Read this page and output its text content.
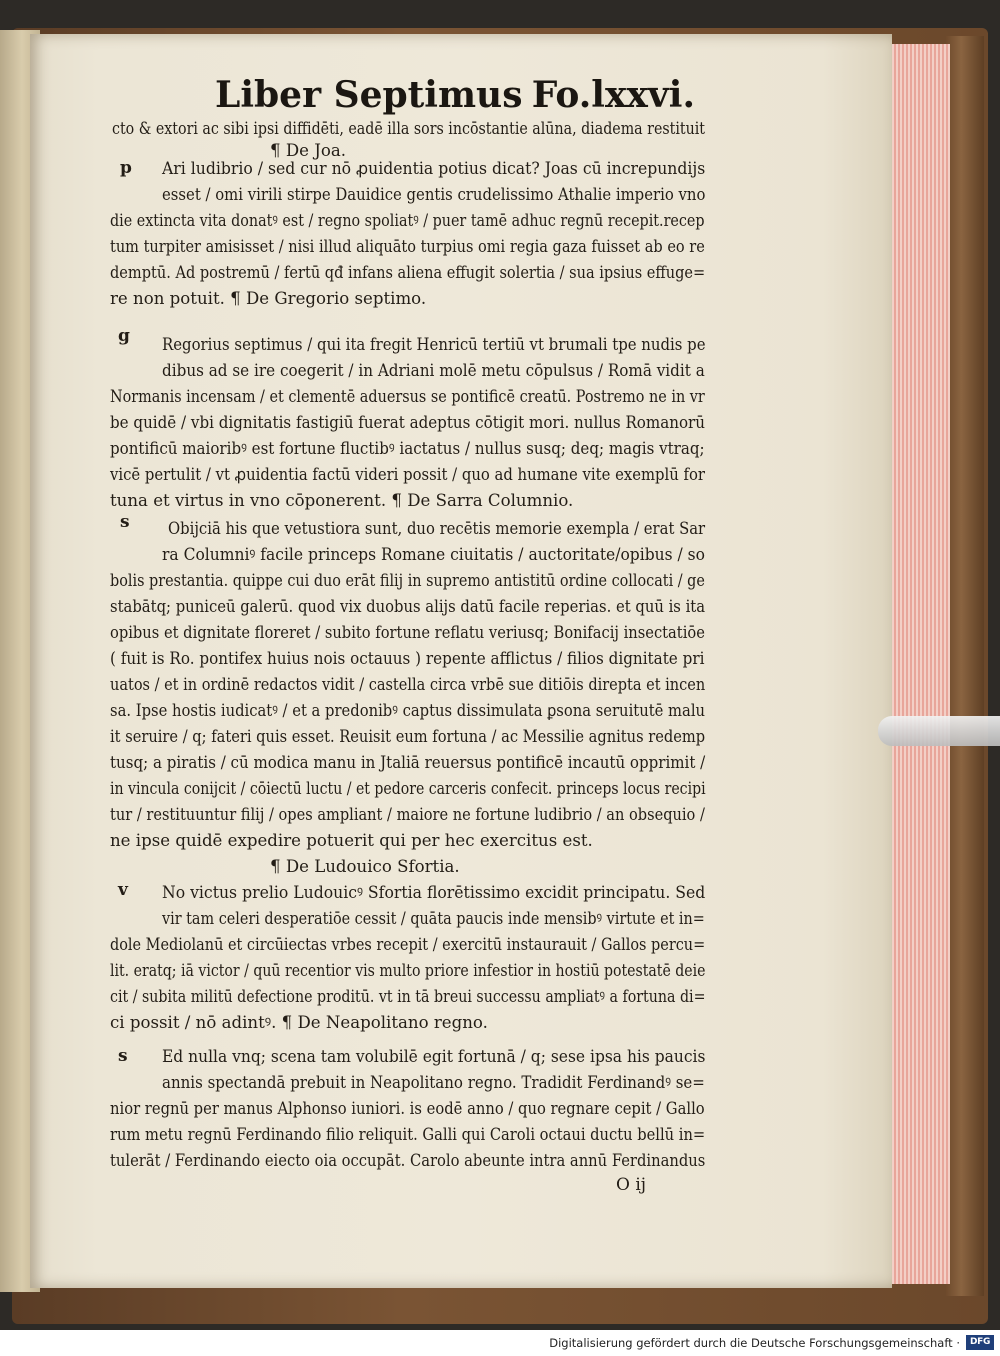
Liber Septimus Fo.lxxvi.

cto & extori ac sibi ipsi diffidēti, eadē illa sors incōstantie alūna, diadema restituit

¶ De Joa.

p Ari ludibrio / sed cur nō ꝓuidentia potius dicat? Joas cū increpundijs

esset / omi virili stirpe Dauidice gentis crudelissimo Athalie imperio vno

die extincta vita donatꝰ est / regno spoliatꝰ / puer tamē adhuc regnū recepit.recep

tum turpiter amisisset / nisi illud aliquāto turpius omi regia gaza fuisset ab eo re

demptū. Ad postremū / fertū qđ infans aliena effugit solertia / sua ipsius effuge=

re non potuit. ¶ De Gregorio septimo.

g Regorius septimus / qui ita fregit Henricū tertiū vt brumali tpe nudis pe

dibus ad se ire coegerit / in Adriani molē metu cōpulsus / Romā vidit a

Normanis incensam / et clementē aduersus se pontificē creatū. Postremo ne in vr

be quidē / vbi dignitatis fastigiū fuerat adeptus cōtigit mori. nullus Romanorū

pontificū maioribꝰ est fortune fluctibꝰ iactatus / nullus susq; deq; magis vtraq;

vicē pertulit / vt ꝓuidentia factū videri possit / quo ad humane vite exemplū for

tuna et virtus in vno cōponerent. ¶ De Sarra Columnio.

s Obijciā his que vetustiora sunt, duo recētis memorie exempla / erat Sar

ra Columniꝰ facile princeps Romane ciuitatis / auctoritate/opibus / so

bolis prestantia. quippe cui duo erāt filij in supremo antistitū ordine collocati / ge

stabātq; puniceū galerū. quod vix duobus alijs datū facile reperias. et quū is ita

opibus et dignitate floreret / subito fortune reflatu veriusq; Bonifacij insectatiōe

( fuit is Ro. pontifex huius nois octauus ) repente afflictus / filios dignitate pri

uatos / et in ordinē redactos vidit / castella circa vrbē sue ditiōis direpta et incen

sa. Ipse hostis iudicatꝰ / et a predonibꝰ captus dissimulata ꝑsona seruitutē malu

it seruire / q; fateri quis esset. Reuisit eum fortuna / ac Messilie agnitus redemp

tusq; a piratis / cū modica manu in Jtaliā reuersus pontificē incautū opprimit /

in vincula conijcit / cōiectū luctu / et pedore carceris confecit. princeps locus recipi

tur / restituuntur filij / opes ampliant / maiore ne fortune ludibrio / an obsequio /

ne ipse quidē expedire potuerit qui per hec exercitus est.

¶ De Ludouico Sfortia.

v No victus prelio Ludouicꝰ Sfortia florētissimo excidit principatu. Sed

vir tam celeri desperatiōe cessit / quāta paucis inde mensibꝰ virtute et in=

dole Mediolanū et circūiectas vrbes recepit / exercitū instaurauit / Gallos percu=

lit. eratq; iā victor / quū recentior vis multo priore infestior in hostiū potestatē deie

cit / subita militū defectione proditū. vt in tā breui successu ampliatꝰ a fortuna di=

ci possit / nō adintꝰ. ¶ De Neapolitano regno.

s Ed nulla vnq; scena tam volubilē egit fortunā / q; sese ipsa his paucis

annis spectandā prebuit in Neapolitano regno. Tradidit Ferdinandꝰ se=

nior regnū per manus Alphonso iuniori. is eodē anno / quo regnare cepit / Gallo

rum metu regnū Ferdinando filio reliquit. Galli qui Caroli octaui ductu bellū in=

tulerāt / Ferdinando eiecto oia occupāt. Carolo abeunte intra annū Ferdinandus

O ij
Digitalisierung gefördert durch die Deutsche Forschungsgemeinschaft ·	DFG
